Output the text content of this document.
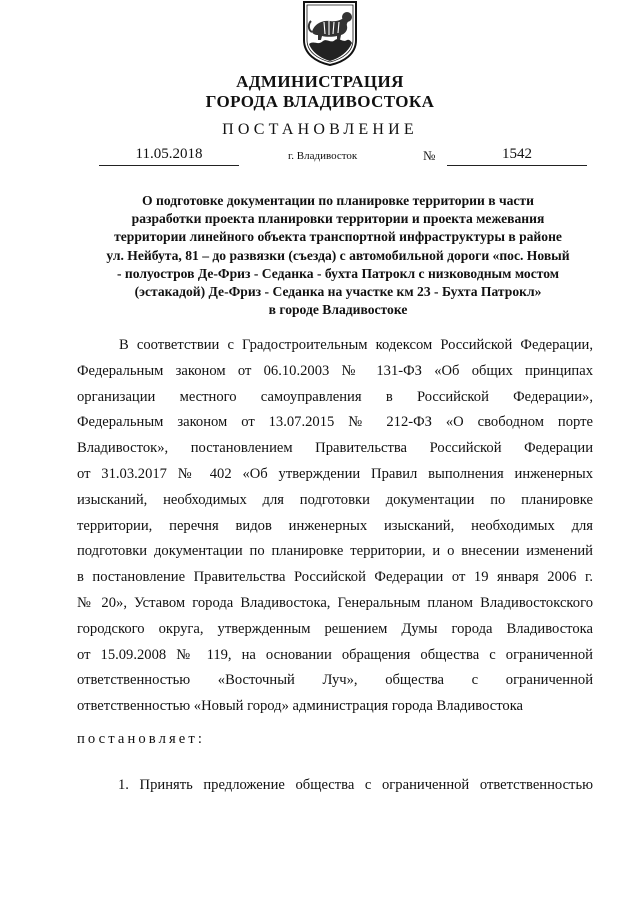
АДМИНИСТРАЦИЯ
ГОРОДА ВЛАДИВОСТОКА
ПОСТАНОВЛЕНИЕ
11.05.2018	г. Владивосток	№	1542
О подготовке документации по планировке территории в части
разработки проекта планировки территории и проекта межевания
территории линейного объекта транспортной инфраструктуры в районе
ул. Нейбута, 81 – до развязки (съезда) с автомобильной дороги «пос. Новый
- полуостров Де-Фриз - Седанка - бухта Патрокл с низководным мостом
(эстакадой) Де-Фриз - Седанка на участке км 23 - Бухта Патрокл»
в городе Владивостоке
В соответствии с Градостроительным кодексом Российской Федерации,
Федеральным законом от 06.10.2003 № 131-ФЗ «Об общих принципах
организации местного самоуправления в Российской Федерации»,
Федеральным законом от 13.07.2015 № 212-ФЗ «О свободном порте
Владивосток», постановлением Правительства Российской Федерации
от 31.03.2017 № 402 «Об утверждении Правил выполнения инженерных
изысканий, необходимых для подготовки документации по планировке
территории, перечня видов инженерных изысканий, необходимых для
подготовки документации по планировке территории, и о внесении изменений
в постановление Правительства Российской Федерации от 19 января 2006 г.
№ 20», Уставом города Владивостока, Генеральным планом Владивостокского
городского округа, утвержденным решением Думы города Владивостока
от 15.09.2008 № 119, на основании обращения общества с ограниченной
ответственностью «Восточный Луч», общества с ограниченной
ответственностью «Новый город» администрация города Владивостока
постановляет:
1. Принять предложение общества с ограниченной ответственностью
